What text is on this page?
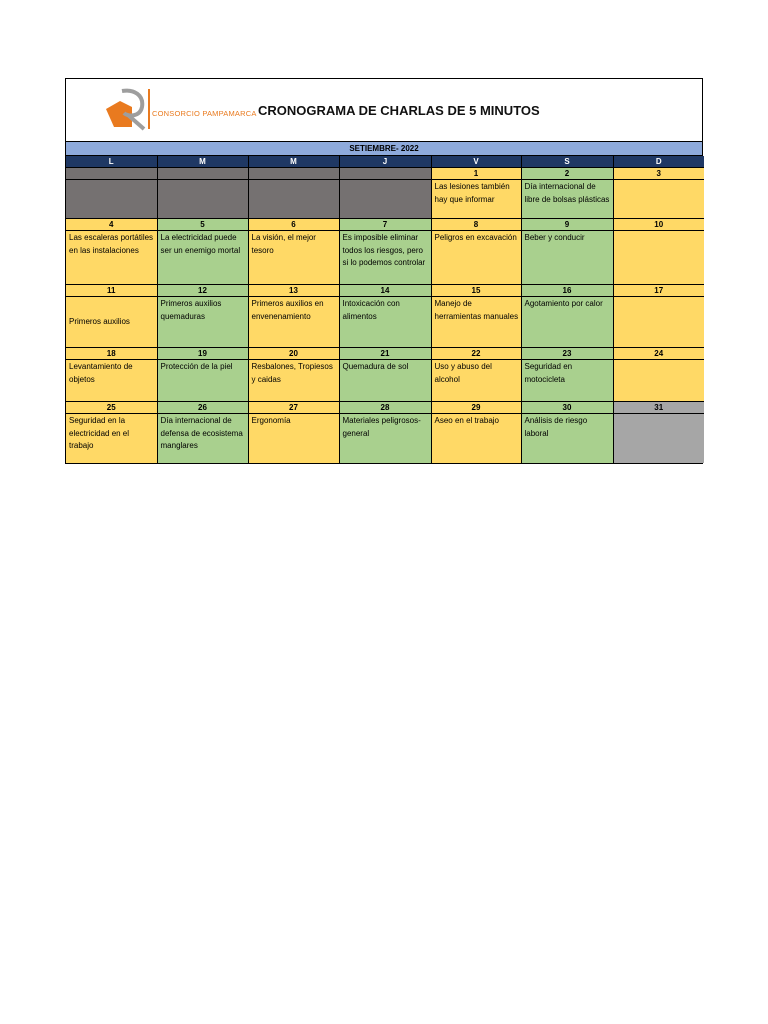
CONSORCIO PAMPAMARCA CRONOGRAMA DE CHARLAS DE 5 MINUTOS
SETIEMBRE- 2022
L	M	M	J	V	S	D
				1	2	3
				Las lesiones también hay que informar	Día internacional de libre de bolsas plásticas	
4	5	6	7	8	9	10
Las escaleras portátiles en las instalaciones	La electricidad puede ser un enemigo mortal	La visión, el mejor tesoro	Es imposible eliminar todos los riesgos, pero si lo podemos controlar	Peligros en excavación	Beber y conducir	
11	12	13	14	15	16	17
Primeros auxilios	Primeros auxilios quemaduras	Primeros auxilios en envenenamiento	Intoxicación con alimentos	Manejo de herramientas manuales	Agotamiento por calor	
18	19	20	21	22	23	24
Levantamiento de objetos	Protección de la piel	Resbalones, Tropiesos y caidas	Quemadura de sol	Uso y abuso del alcohol	Seguridad en motocicleta	
25	26	27	28	29	30	31
Seguridad en la electricidad en el trabajo	Día internacional de defensa de ecosistema manglares	Ergonomía	Materiales peligrosos-general	Aseo en el trabajo	Análisis de riesgo laboral	
